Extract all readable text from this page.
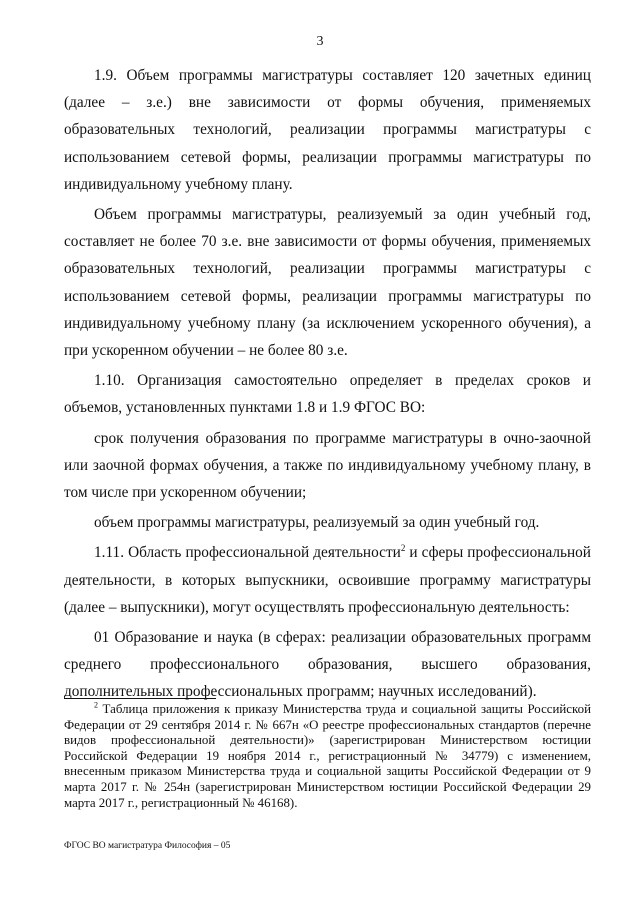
3

1.9. Объем программы магистратуры составляет 120 зачетных единиц (далее – з.е.) вне зависимости от формы обучения, применяемых образовательных технологий, реализации программы магистратуры с использованием сетевой формы, реализации программы магистратуры по индивидуальному учебному плану.

Объем программы магистратуры, реализуемый за один учебный год, составляет не более 70 з.е. вне зависимости от формы обучения, применяемых образовательных технологий, реализации программы магистратуры с использованием сетевой формы, реализации программы магистратуры по индивидуальному учебному плану (за исключением ускоренного обучения), а при ускоренном обучении – не более 80 з.е.

1.10. Организация самостоятельно определяет в пределах сроков и объемов, установленных пунктами 1.8 и 1.9 ФГОС ВО:

срок получения образования по программе магистратуры в очно-заочной или заочной формах обучения, а также по индивидуальному учебному плану, в том числе при ускоренном обучении;

объем программы магистратуры, реализуемый за один учебный год.

1.11. Область профессиональной деятельности$^2$ и сферы профессиональной деятельности, в которых выпускники, освоившие программу магистратуры (далее – выпускники), могут осуществлять профессиональную деятельность:

01 Образование и наука (в сферах: реализации образовательных программ среднего профессионального образования, высшего образования, дополнительных профессиональных программ; научных исследований).

$^2$ Таблица приложения к приказу Министерства труда и социальной защиты Российской Федерации от 29 сентября 2014 г. № 667н «О реестре профессиональных стандартов (перечне видов профессиональной деятельности)» (зарегистрирован Министерством юстиции Российской Федерации 19 ноября 2014 г., регистрационный № 34779) с изменением, внесенным приказом Министерства труда и социальной защиты Российской Федерации от 9 марта 2017 г. № 254н (зарегистрирован Министерством юстиции Российской Федерации 29 марта 2017 г., регистрационный № 46168).
ФГОС ВО магистратура Философия – 05
